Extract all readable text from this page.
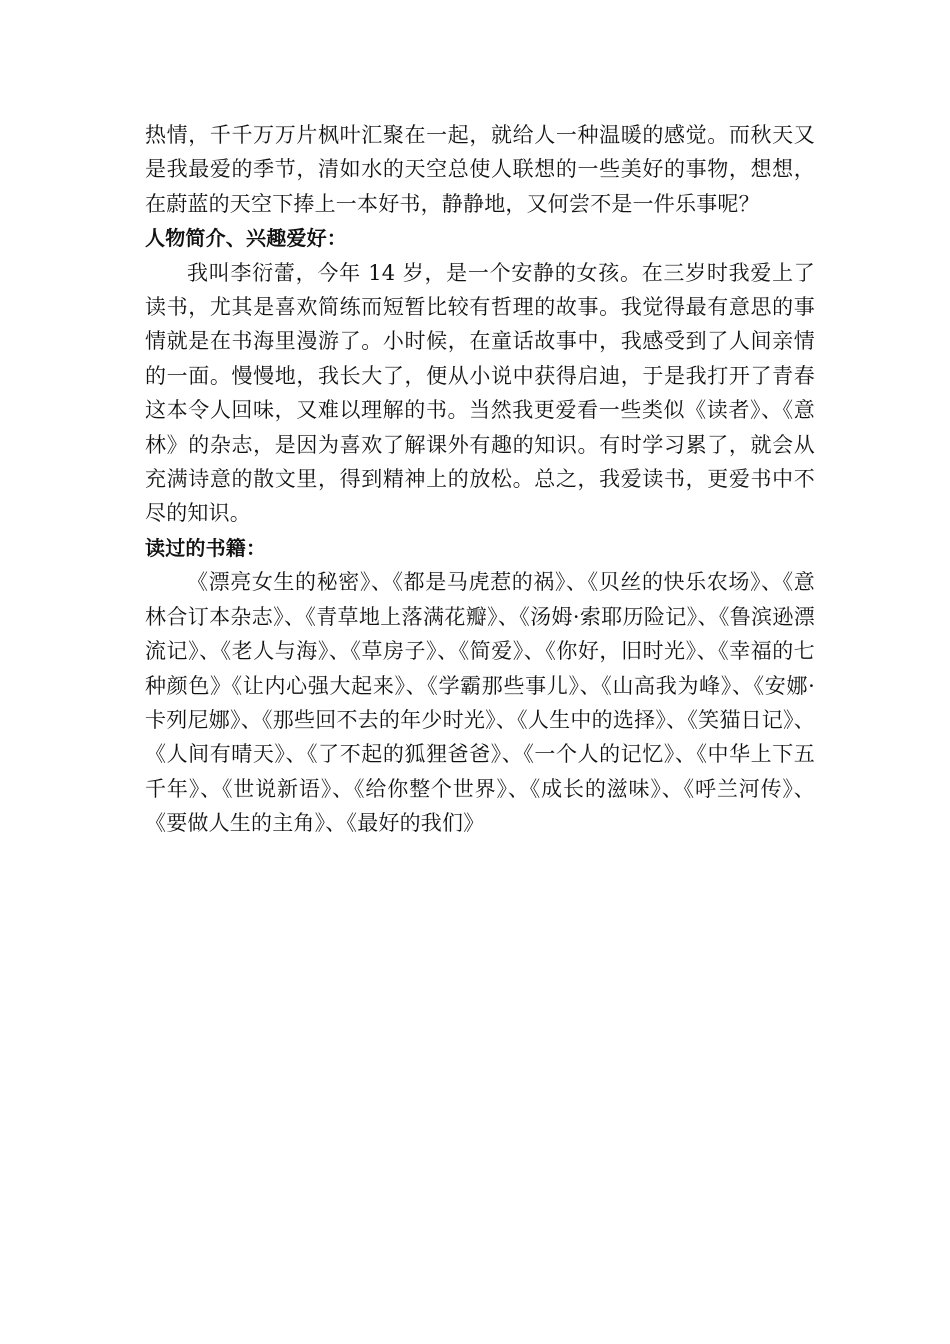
热情，千千万万片枫叶汇聚在一起，就给人一种温暖的感觉。而秋天又是我最爱的季节，清如水的天空总使人联想的一些美好的事物，想想，在蔚蓝的天空下捧上一本好书，静静地，又何尝不是一件乐事呢？

人物简介、兴趣爱好：

我叫李衍蕾，今年 14 岁，是一个安静的女孩。在三岁时我爱上了读书，尤其是喜欢简练而短暂比较有哲理的故事。我觉得最有意思的事情就是在书海里漫游了。小时候，在童话故事中，我感受到了人间亲情的一面。慢慢地，我长大了，便从小说中获得启迪，于是我打开了青春这本令人回味，又难以理解的书。当然我更爱看一些类似《读者》、《意林》的杂志，是因为喜欢了解课外有趣的知识。有时学习累了，就会从充满诗意的散文里，得到精神上的放松。总之，我爱读书，更爱书中不尽的知识。

读过的书籍：

《漂亮女生的秘密》、《都是马虎惹的祸》、《贝丝的快乐农场》、《意林合订本杂志》、《青草地上落满花瓣》、《汤姆·索耶历险记》、《鲁滨逊漂流记》、《老人与海》、《草房子》、《简爱》、《你好，旧时光》、《幸福的七种颜色》《让内心强大起来》、《学霸那些事儿》、《山高我为峰》、《安娜·卡列尼娜》、《那些回不去的年少时光》、《人生中的选择》、《笑猫日记》、《人间有晴天》、《了不起的狐狸爸爸》、《一个人的记忆》、《中华上下五千年》、《世说新语》、《给你整个世界》、《成长的滋味》、《呼兰河传》、《要做人生的主角》、《最好的我们》
